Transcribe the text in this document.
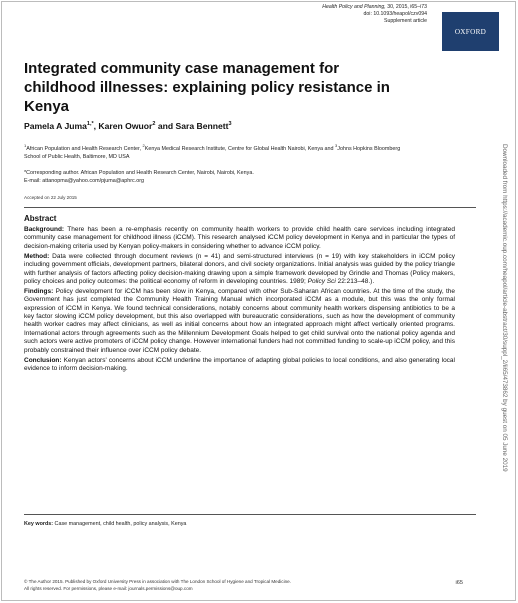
Health Policy and Planning, 30, 2015, i65–i73
doi: 10.1093/heapol/czv094
Supplement article
OXFORD
Integrated community case management for childhood illnesses: explaining policy resistance in Kenya
Pamela A Juma$^{1,*}$, Karen Owuor$^2$ and Sara Bennett$^3$
$^1$African Population and Health Research Center, $^2$Kenya Medical Research Institute, Centre for Global Health Nairobi, Kenya and $^3$Johns Hopkins Bloomberg School of Public Health, Baltimore, MD USA
*Corresponding author. African Population and Health Research Center, Nairobi, Nairobi, Kenya.
E-mail: attanopma@yahoo.com/pjuma@aphrc.org
Accepted on 22 July 2015
Abstract

Background: There has been a re-emphasis recently on community health workers to provide child health care services including integrated community case management for childhood illness (iCCM). This research analysed iCCM policy development in Kenya and in particular the types of decision-making criteria used by Kenyan policy-makers in considering whether to advance iCCM policy.

Method: Data were collected through document reviews (n = 41) and semi-structured interviews (n = 19) with key stakeholders in iCCM policy including government officials, development partners, bilateral donors, and civil society organizations. Initial analysis was guided by the policy triangle with further analysis of factors affecting policy decision-making drawing upon a simple framework developed by Grindle and Thomas (Policy makers, policy choices and policy outcomes: the political economy of reform in developing countries. 1989; Policy Sci 22:213–48.).

Findings: Policy development for iCCM has been slow in Kenya, compared with other Sub-Saharan African countries. At the time of the study, the Government has just completed the Community Health Training Manual which incorporated iCCM as a module, but this was the only formal expression of iCCM in Kenya. We found technical considerations, notably concerns about community health workers dispensing antibiotics to be a key factor slowing iCCM policy development, but this also overlapped with bureaucratic considerations, such as how the development of community health worker cadres may affect clinicians, as well as initial concerns about how an integrated approach might affect vertically oriented programs. International actors through agreements such as the Millennium Development Goals helped to get child survival onto the national policy agenda and such actors were active promoters of iCCM policy change. However international funders had not committed funding to scale-up iCCM policy, and this probably constrained their influence over iCCM policy debate.

Conclusion: Kenyan actors' concerns about iCCM underline the importance of adapting global policies to local conditions, and also generating local evidence to inform decision-making.

Key words: Case management, child health, policy analysis, Kenya
© The Author 2015. Published by Oxford University Press in association with The London School of Hygiene and Tropical Medicine.
All rights reserved. For permissions, please e-mail: journals.permissions@oup.com
i65
Downloaded from https://academic.oup.com/heapol/article-abstract/30/suppl_2/ii65/473862 by guest on 05 June 2019
